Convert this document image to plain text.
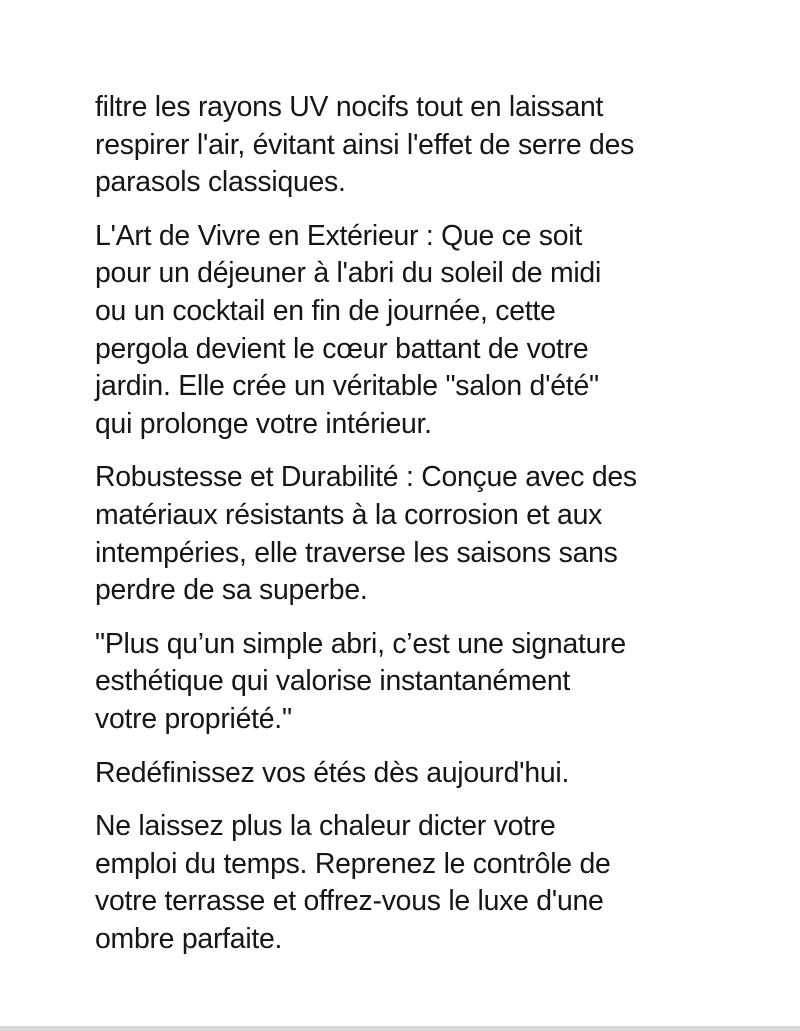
filtre les rayons UV nocifs tout en laissant
respirer l'air, évitant ainsi l'effet de serre des
parasols classiques.

L'Art de Vivre en Extérieur : Que ce soit
pour un déjeuner à l'abri du soleil de midi
ou un cocktail en fin de journée, cette
pergola devient le cœur battant de votre
jardin. Elle crée un véritable "salon d'été"
qui prolonge votre intérieur.

Robustesse et Durabilité : Conçue avec des
matériaux résistants à la corrosion et aux
intempéries, elle traverse les saisons sans
perdre de sa superbe.

"Plus qu’un simple abri, c’est une signature
esthétique qui valorise instantanément
votre propriété."

Redéfinissez vos étés dès aujourd'hui.

Ne laissez plus la chaleur dicter votre
emploi du temps. Reprenez le contrôle de
votre terrasse et offrez-vous le luxe d'une
ombre parfaite.
